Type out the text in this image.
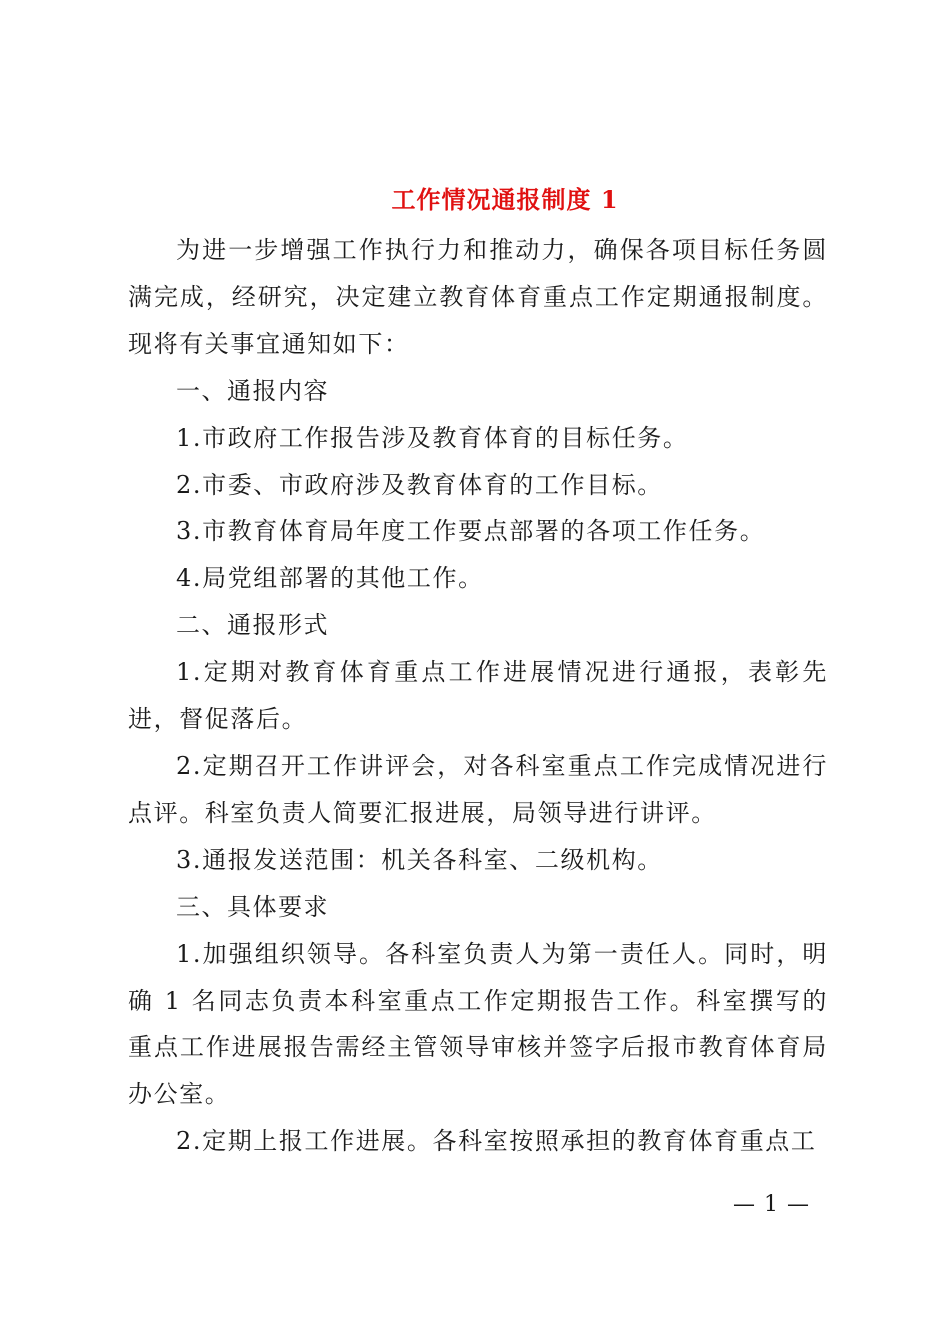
工作情况通报制度 1

为进一步增强工作执行力和推动力，确保各项目标任务圆满完成，经研究，决定建立教育体育重点工作定期通报制度。现将有关事宜通知如下：

一、通报内容

1.市政府工作报告涉及教育体育的目标任务。

2.市委、市政府涉及教育体育的工作目标。

3.市教育体育局年度工作要点部署的各项工作任务。

4.局党组部署的其他工作。

二、通报形式

1.定期对教育体育重点工作进展情况进行通报，表彰先进，督促落后。

2.定期召开工作讲评会，对各科室重点工作完成情况进行点评。科室负责人简要汇报进展，局领导进行讲评。

3.通报发送范围：机关各科室、二级机构。

三、具体要求

1.加强组织领导。各科室负责人为第一责任人。同时，明确 1 名同志负责本科室重点工作定期报告工作。科室撰写的重点工作进展报告需经主管领导审核并签字后报市教育体育局办公室。

2.定期上报工作进展。各科室按照承担的教育体育重点工

— 1 —
